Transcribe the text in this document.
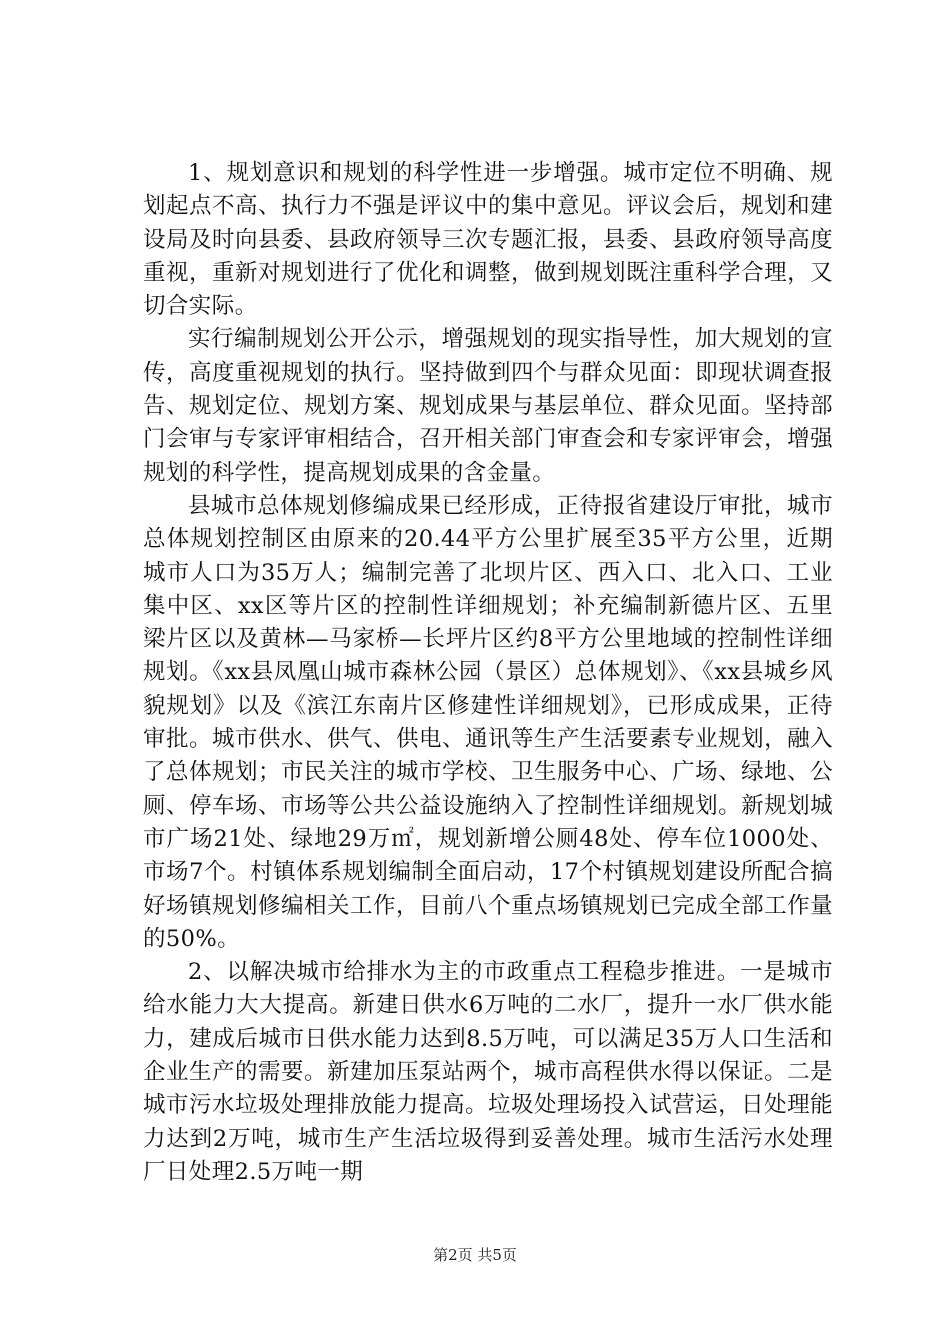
1、规划意识和规划的科学性进一步增强。城市定位不明确、规划起点不高、执行力不强是评议中的集中意见。评议会后，规划和建设局及时向县委、县政府领导三次专题汇报，县委、县政府领导高度重视，重新对规划进行了优化和调整，做到规划既注重科学合理，又切合实际。

实行编制规划公开公示，增强规划的现实指导性，加大规划的宣传，高度重视规划的执行。坚持做到四个与群众见面：即现状调查报告、规划定位、规划方案、规划成果与基层单位、群众见面。坚持部门会审与专家评审相结合，召开相关部门审查会和专家评审会，增强规划的科学性，提高规划成果的含金量。

县城市总体规划修编成果已经形成，正待报省建设厅审批，城市总体规划控制区由原来的20.44平方公里扩展至35平方公里，近期城市人口为35万人；编制完善了北坝片区、西入口、北入口、工业集中区、xx区等片区的控制性详细规划；补充编制新德片区、五里梁片区以及黄林—马家桥—长坪片区约8平方公里地域的控制性详细规划。《xx县凤凰山城市森林公园（景区）总体规划》、《xx县城乡风貌规划》以及《滨江东南片区修建性详细规划》，已形成成果，正待审批。城市供水、供气、供电、通讯等生产生活要素专业规划，融入了总体规划；市民关注的城市学校、卫生服务中心、广场、绿地、公厕、停车场、市场等公共公益设施纳入了控制性详细规划。新规划城市广场21处、绿地29万㎡，规划新增公厕48处、停车位1000处、市场7个。村镇体系规划编制全面启动，17个村镇规划建设所配合搞好场镇规划修编相关工作，目前八个重点场镇规划已完成全部工作量的50%。

2、以解决城市给排水为主的市政重点工程稳步推进。一是城市给水能力大大提高。新建日供水6万吨的二水厂，提升一水厂供水能力，建成后城市日供水能力达到8.5万吨，可以满足35万人口生活和企业生产的需要。新建加压泵站两个，城市高程供水得以保证。二是城市污水垃圾处理排放能力提高。垃圾处理场投入试营运，日处理能力达到2万吨，城市生产生活垃圾得到妥善处理。城市生活污水处理厂日处理2.5万吨一期

第2页 共5页
